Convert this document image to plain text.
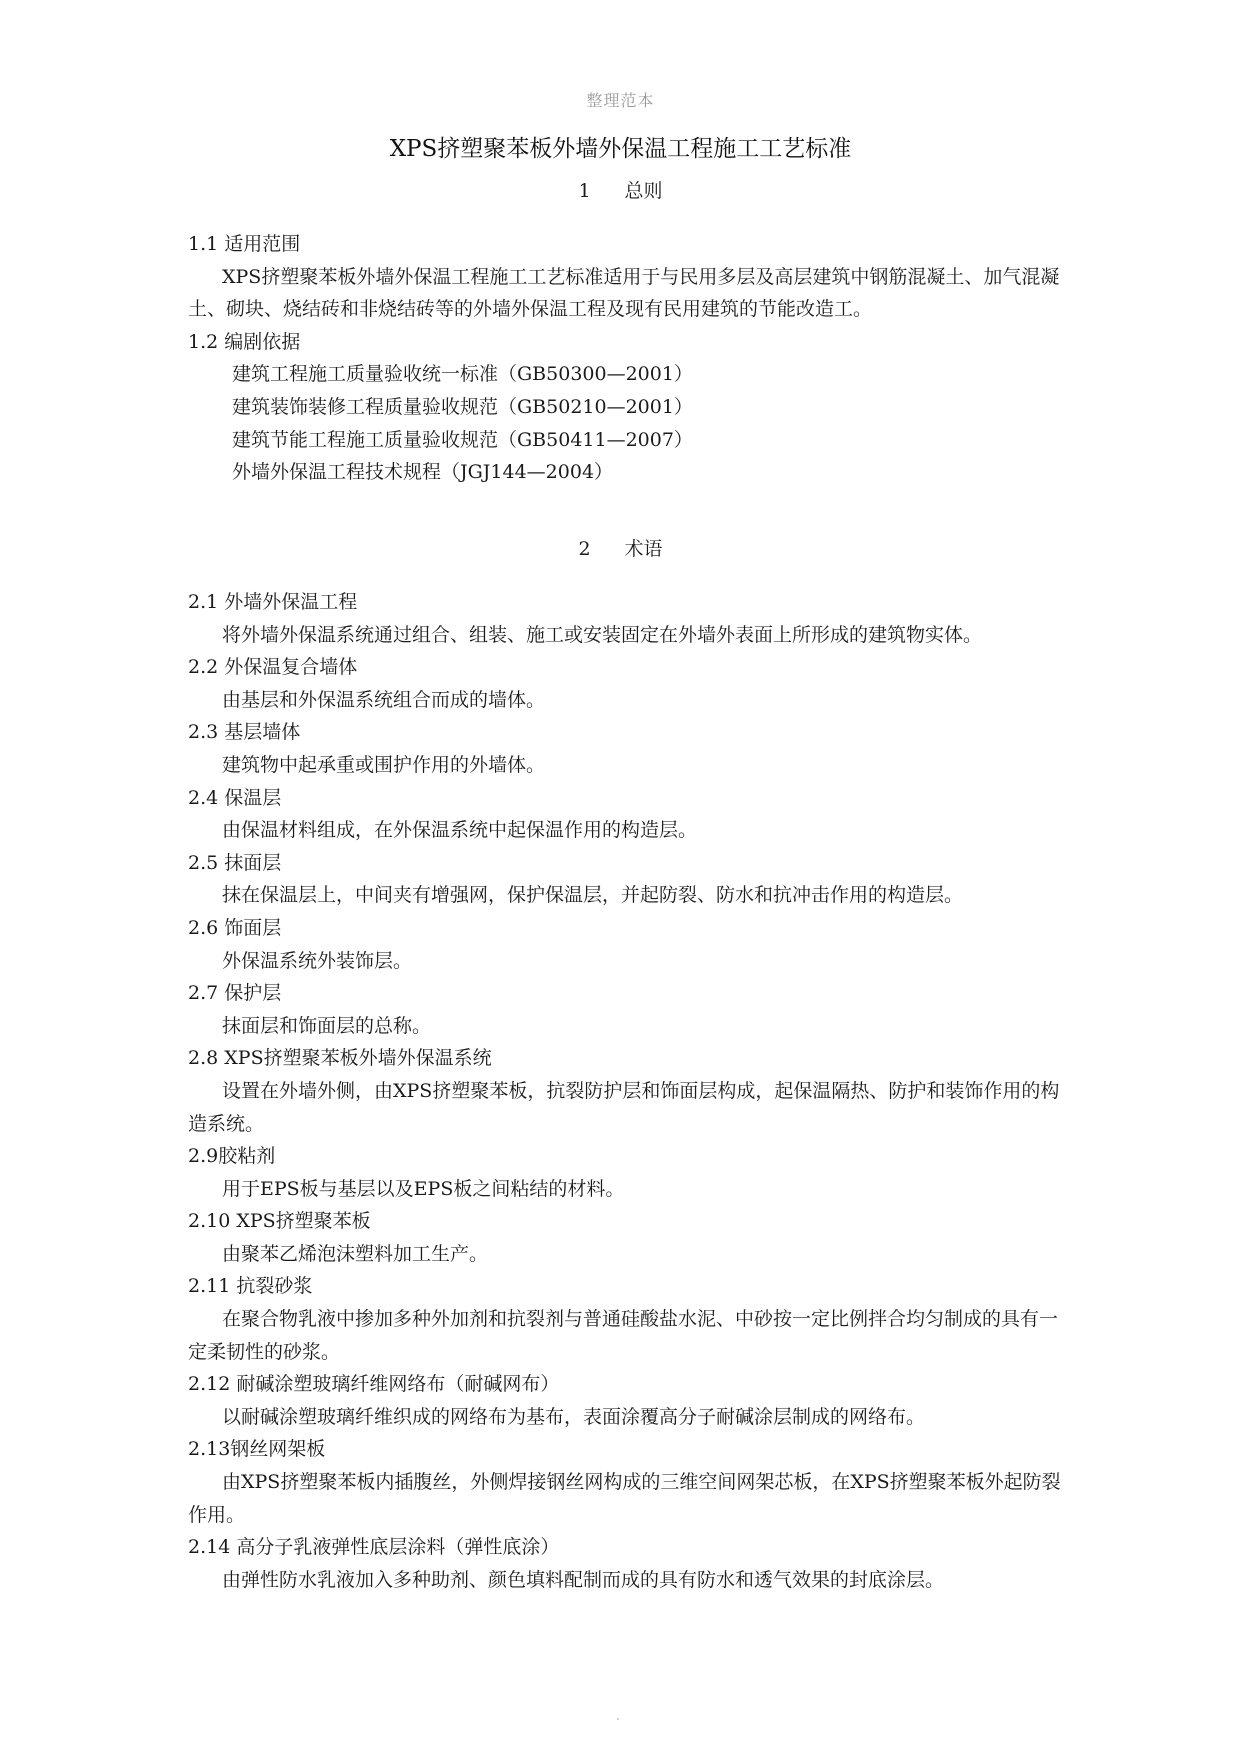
整理范本
XPS挤塑聚苯板外墙外保温工程施工工艺标准
1 总则
1.1 适用范围
XPS挤塑聚苯板外墙外保温工程施工工艺标准适用于与民用多层及高层建筑中钢筋混凝土、加气混凝土、砌块、烧结砖和非烧结砖等的外墙外保温工程及现有民用建筑的节能改造工。
1.2 编剧依据
建筑工程施工质量验收统一标准（GB50300—2001）
建筑装饰装修工程质量验收规范（GB50210—2001）
建筑节能工程施工质量验收规范（GB50411—2007）
外墙外保温工程技术规程（JGJ144—2004）
2 术语
2.1 外墙外保温工程
将外墙外保温系统通过组合、组装、施工或安装固定在外墙外表面上所形成的建筑物实体。
2.2 外保温复合墙体
由基层和外保温系统组合而成的墙体。
2.3 基层墙体
建筑物中起承重或围护作用的外墙体。
2.4 保温层
由保温材料组成，在外保温系统中起保温作用的构造层。
2.5 抹面层
抹在保温层上，中间夹有增强网，保护保温层，并起防裂、防水和抗冲击作用的构造层。
2.6 饰面层
外保温系统外装饰层。
2.7 保护层
抹面层和饰面层的总称。
2.8 XPS挤塑聚苯板外墙外保温系统
设置在外墙外侧，由XPS挤塑聚苯板，抗裂防护层和饰面层构成，起保温隔热、防护和装饰作用的构造系统。
2.9胶粘剂
用于EPS板与基层以及EPS板之间粘结的材料。
2.10 XPS挤塑聚苯板
由聚苯乙烯泡沫塑料加工生产。
2.11 抗裂砂浆
在聚合物乳液中掺加多种外加剂和抗裂剂与普通硅酸盐水泥、中砂按一定比例拌合均匀制成的具有一定柔韧性的砂浆。
2.12 耐碱涂塑玻璃纤维网络布（耐碱网布）
以耐碱涂塑玻璃纤维织成的网络布为基布，表面涂覆高分子耐碱涂层制成的网络布。
2.13钢丝网架板
由XPS挤塑聚苯板内插腹丝，外侧焊接钢丝网构成的三维空间网架芯板，在XPS挤塑聚苯板外起防裂作用。
2.14 高分子乳液弹性底层涂料（弹性底涂）
由弹性防水乳液加入多种助剂、颜色填料配制而成的具有防水和透气效果的封底涂层。
